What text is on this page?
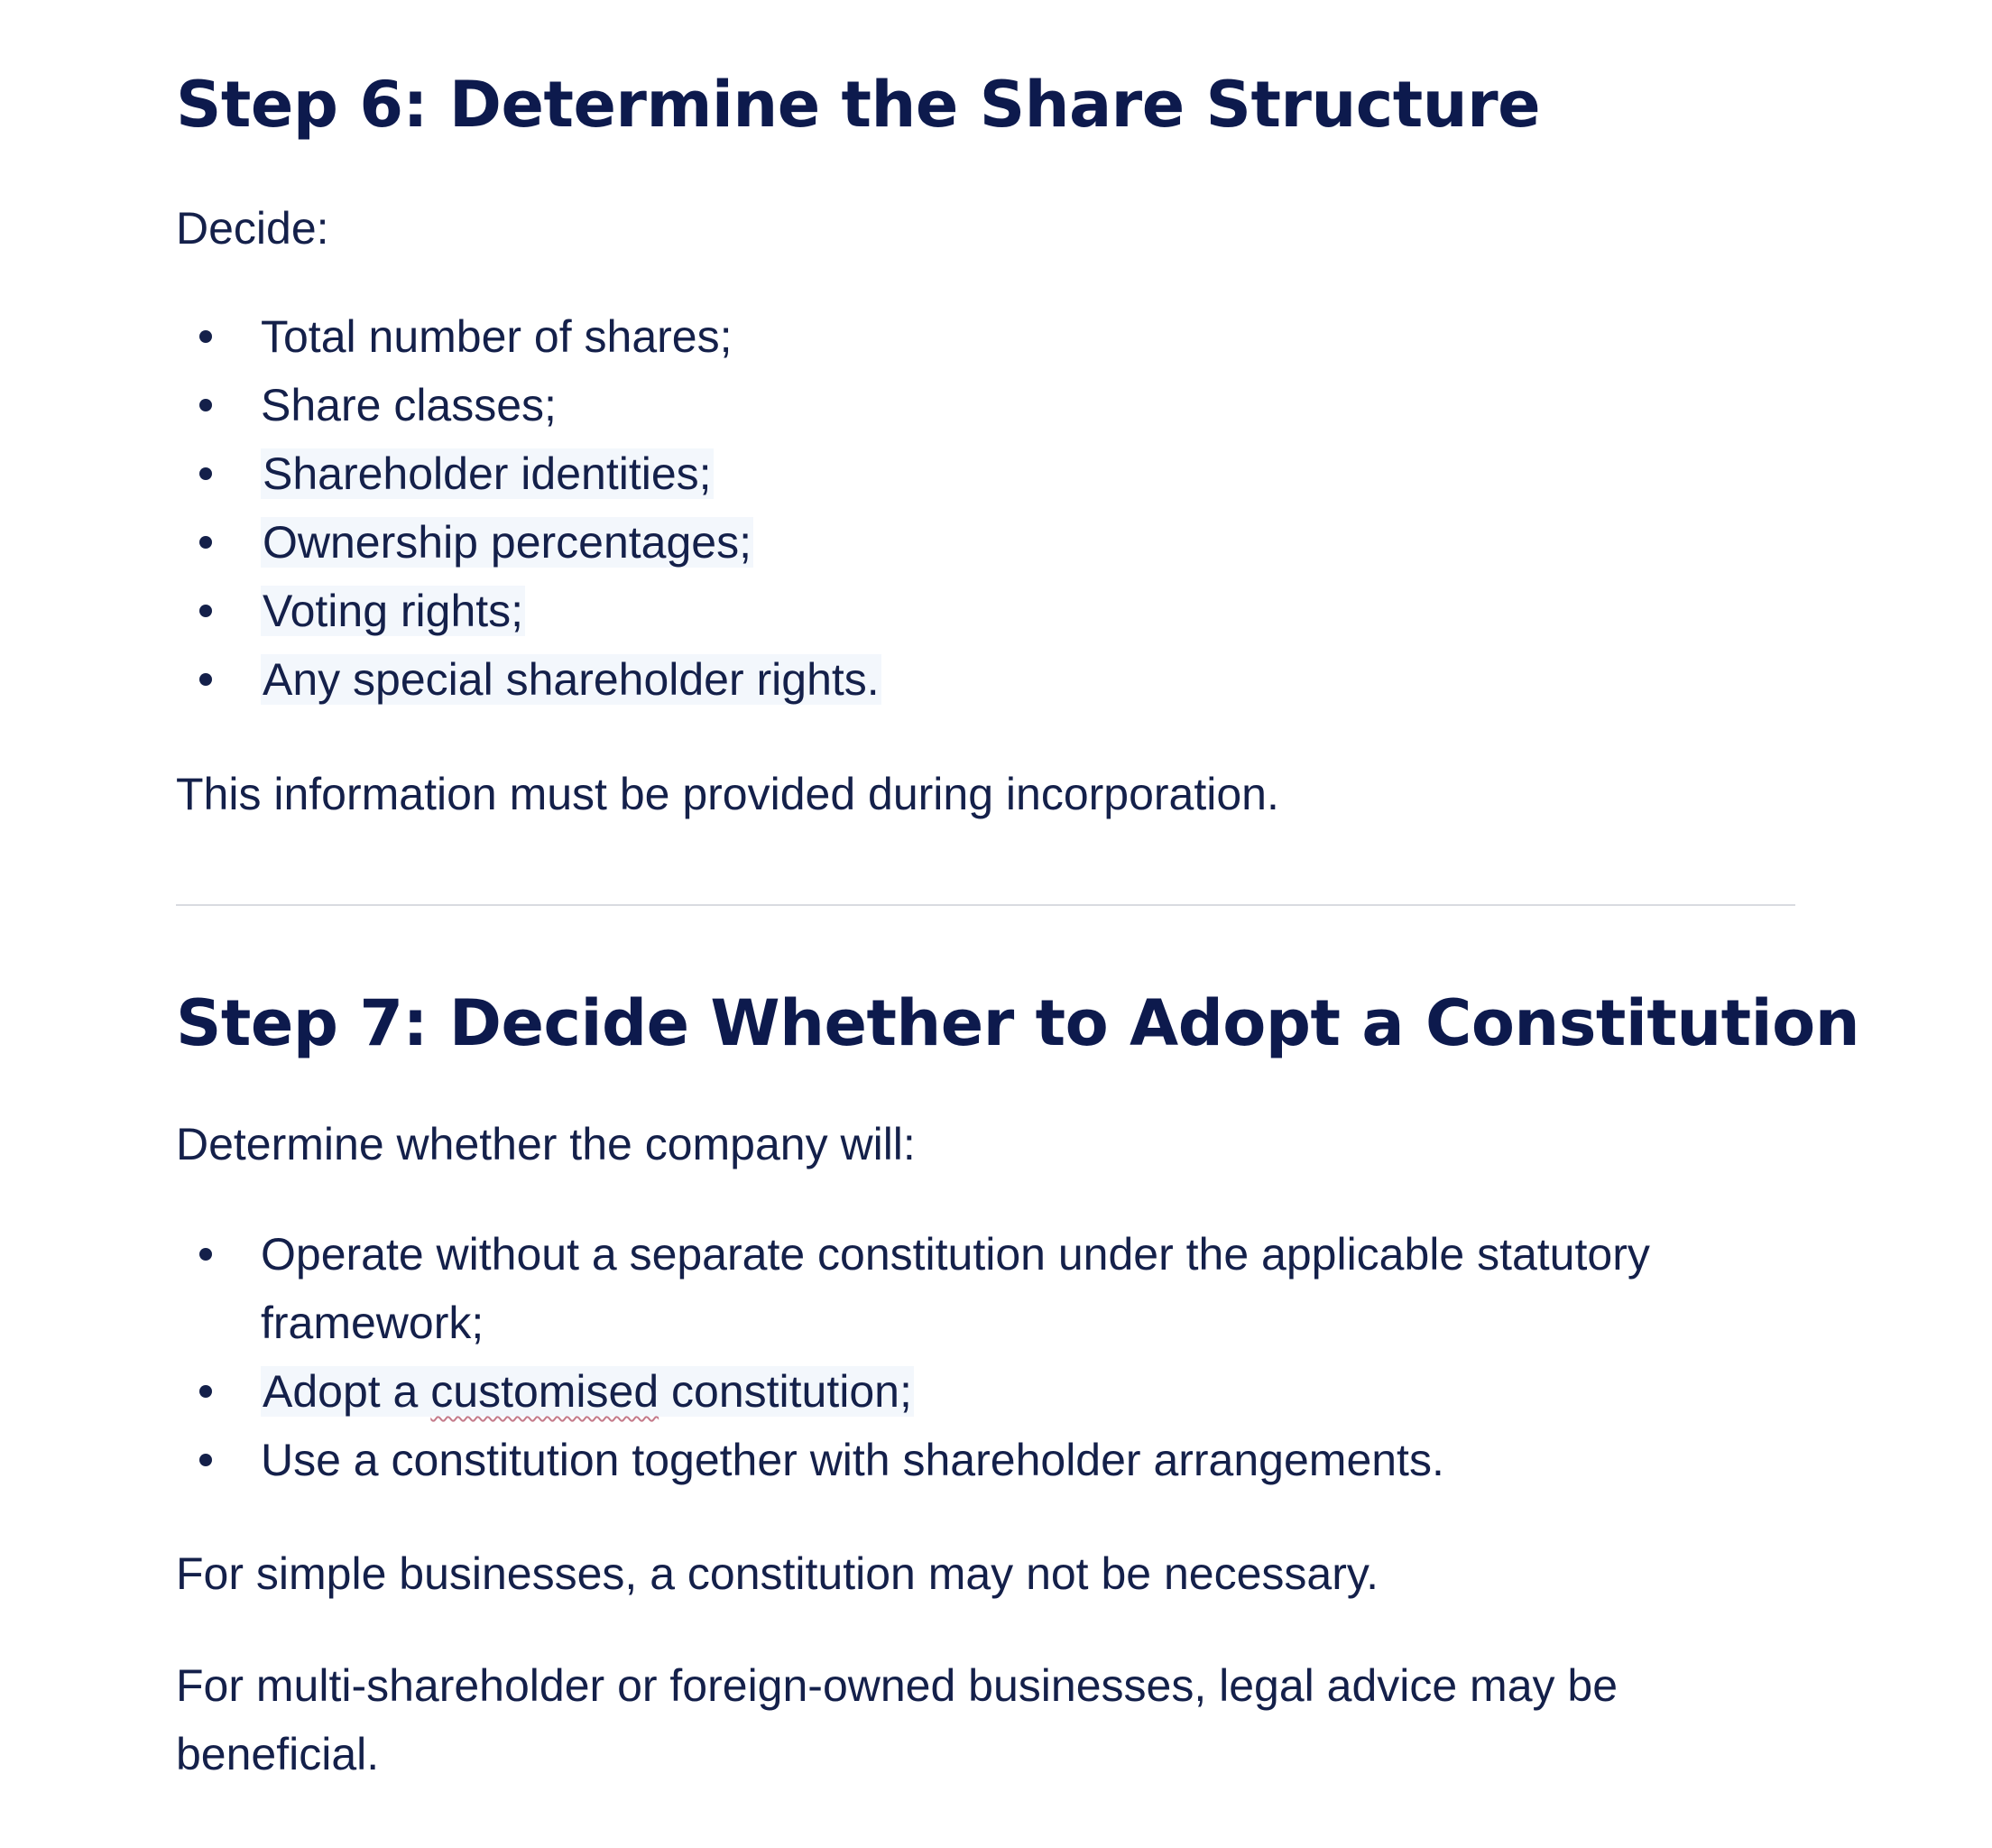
Step 6: Determine the Share Structure

Decide:

Total number of shares;
Share classes;
Shareholder identities;
Ownership percentages;
Voting rights;
Any special shareholder rights.

This information must be provided during incorporation.

Step 7: Decide Whether to Adopt a Constitution

Determine whether the company will:

Operate without a separate constitution under the applicable statutory
framework;
Adopt a customised constitution;
Use a constitution together with shareholder arrangements.

For simple businesses, a constitution may not be necessary.

For multi-shareholder or foreign-owned businesses, legal advice may be beneficial.
